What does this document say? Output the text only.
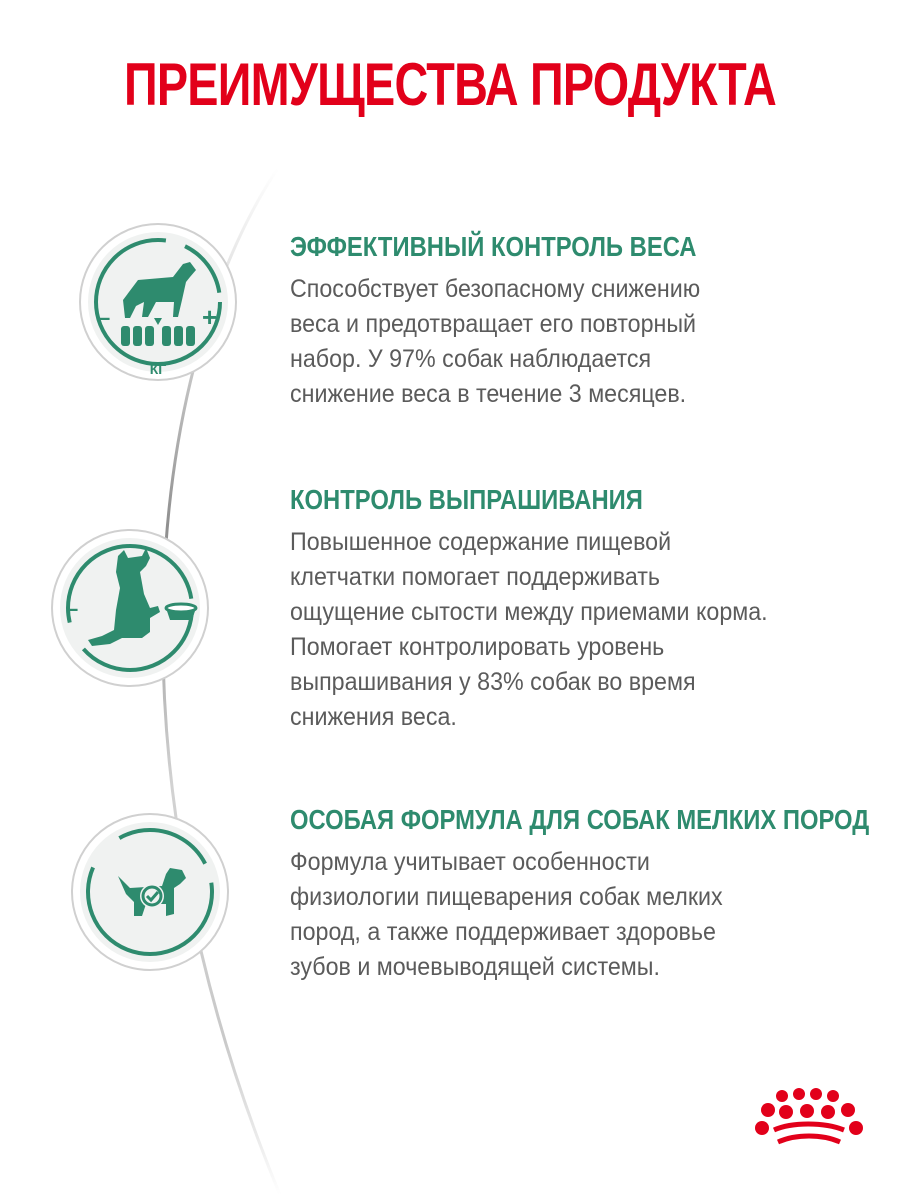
ПРЕИМУЩЕСТВА ПРОДУКТА
–	+
КГ
ЭФФЕКТИВНЫЙ КОНТРОЛЬ ВЕСА

Способствует безопасному снижению
веса и предотвращает его повторный
набор. У 97% собак наблюдается
снижение веса в течение 3 месяцев.

–
КОНТРОЛЬ ВЫПРАШИВАНИЯ

Повышенное содержание пищевой
клетчатки помогает поддерживать
ощущение сытости между приемами корма.
Помогает контролировать уровень
выпрашивания у 83% собак во время
снижения веса.

ОСОБАЯ ФОРМУЛА ДЛЯ СОБАК МЕЛКИХ ПОРОД

Формула учитывает особенности
физиологии пищеварения собак мелких
пород, а также поддерживает здоровье
зубов и мочевыводящей системы.
